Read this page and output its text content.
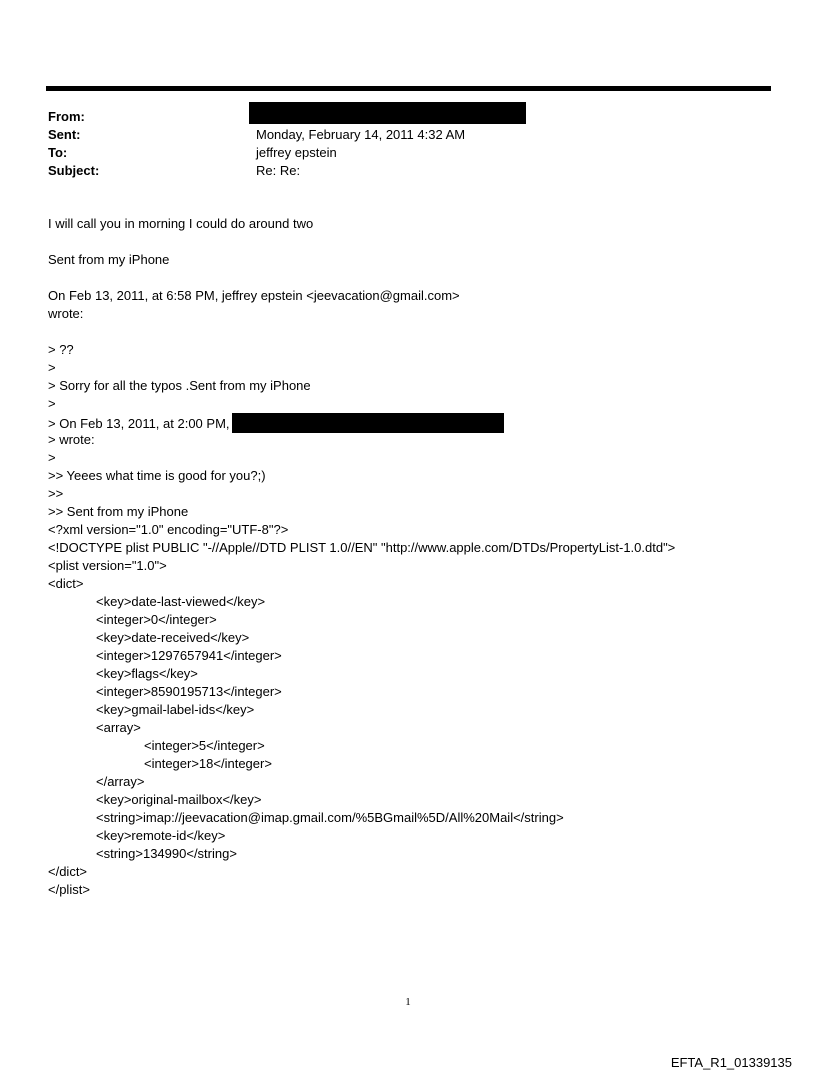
From:
Sent:	Monday, February 14, 2011 4:32 AM
To:	jeffrey epstein
Subject:	Re: Re:
I will call you in morning I could do around two
Sent from my iPhone
On Feb 13, 2011, at 6:58 PM, jeffrey epstein <jeevacation@gmail.com>
wrote:
> ??
>
> Sorry for all the typos .Sent from my iPhone
>
> On Feb 13, 2011, at 2:00 PM,
> wrote:
>
>> Yeees what time is good for you?;)
>>
>> Sent from my iPhone
<?xml version="1.0" encoding="UTF-8"?>
<!DOCTYPE plist PUBLIC "-//Apple//DTD PLIST 1.0//EN" "http://www.apple.com/DTDs/PropertyList-1.0.dtd">
<plist version="1.0">
<dict>
<key>date-last-viewed</key>
<integer>0</integer>
<key>date-received</key>
<integer>1297657941</integer>
<key>flags</key>
<integer>8590195713</integer>
<key>gmail-label-ids</key>
<array>
<integer>5</integer>
<integer>18</integer>
</array>
<key>original-mailbox</key>
<string>imap://jeevacation@imap.gmail.com/%5BGmail%5D/All%20Mail</string>
<key>remote-id</key>
<string>134990</string>
</dict>
</plist>
1
EFTA_R1_01339135
